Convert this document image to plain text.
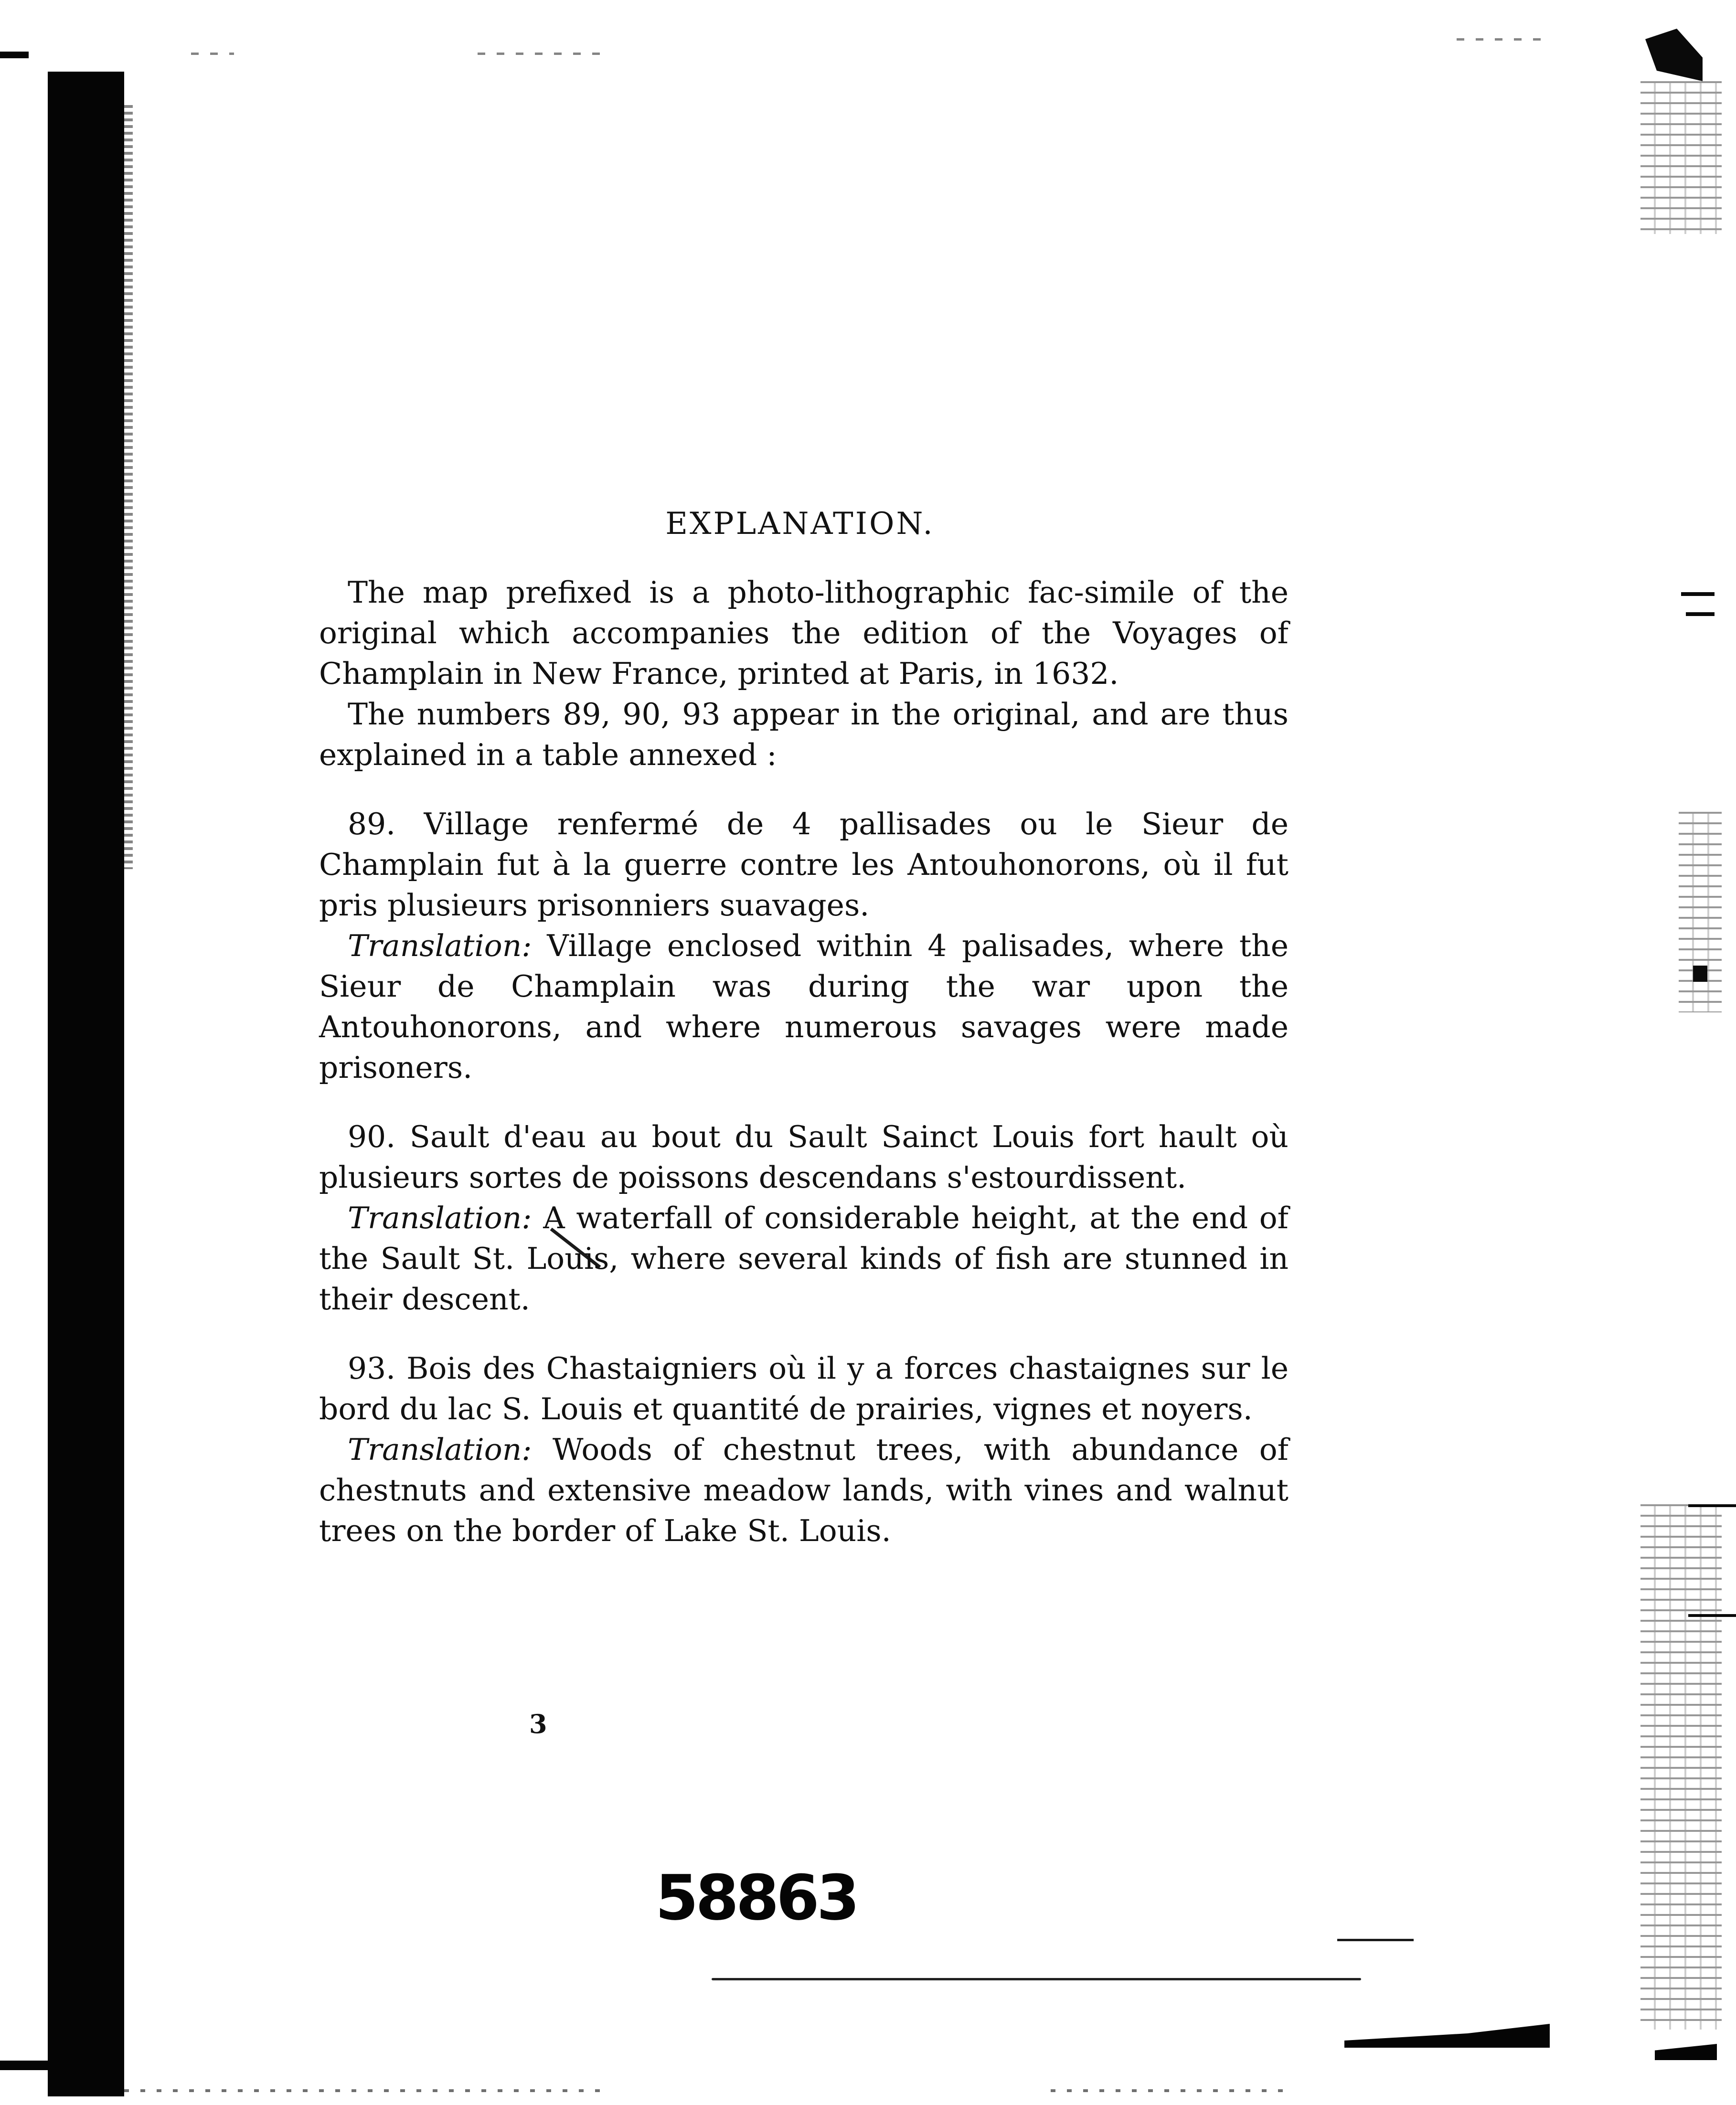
EXPLANATION.

The map prefixed is a photo-lithographic fac-simile of the original which accompanies the edition of the Voyages of Champlain in New France, printed at Paris, in 1632.

The numbers 89, 90, 93 appear in the original, and are thus explained in a table annexed :

89. Village renfermé de 4 pallisades ou le Sieur de Champlain fut à la guerre contre les Antouhonorons, où il fut pris plusieurs prisonniers suavages.

Translation: Village enclosed within 4 palisades, where the Sieur de Champlain was during the war upon the Antouhonorons, and where numerous savages were made prisoners.

90. Sault d'eau au bout du Sault Sainct Louis fort hault où plusieurs sortes de poissons descendans s'estourdissent.

Translation: A waterfall of considerable height, at the end of the Sault St. Louis, where several kinds of fish are stunned in their descent.

93. Bois des Chastaigniers où il y a forces chastaignes sur le bord du lac S. Louis et quantité de prairies, vignes et noyers.

Translation: Woods of chestnut trees, with abundance of chestnuts and extensive meadow lands, with vines and walnut trees on the border of Lake St. Louis.

3
58863
